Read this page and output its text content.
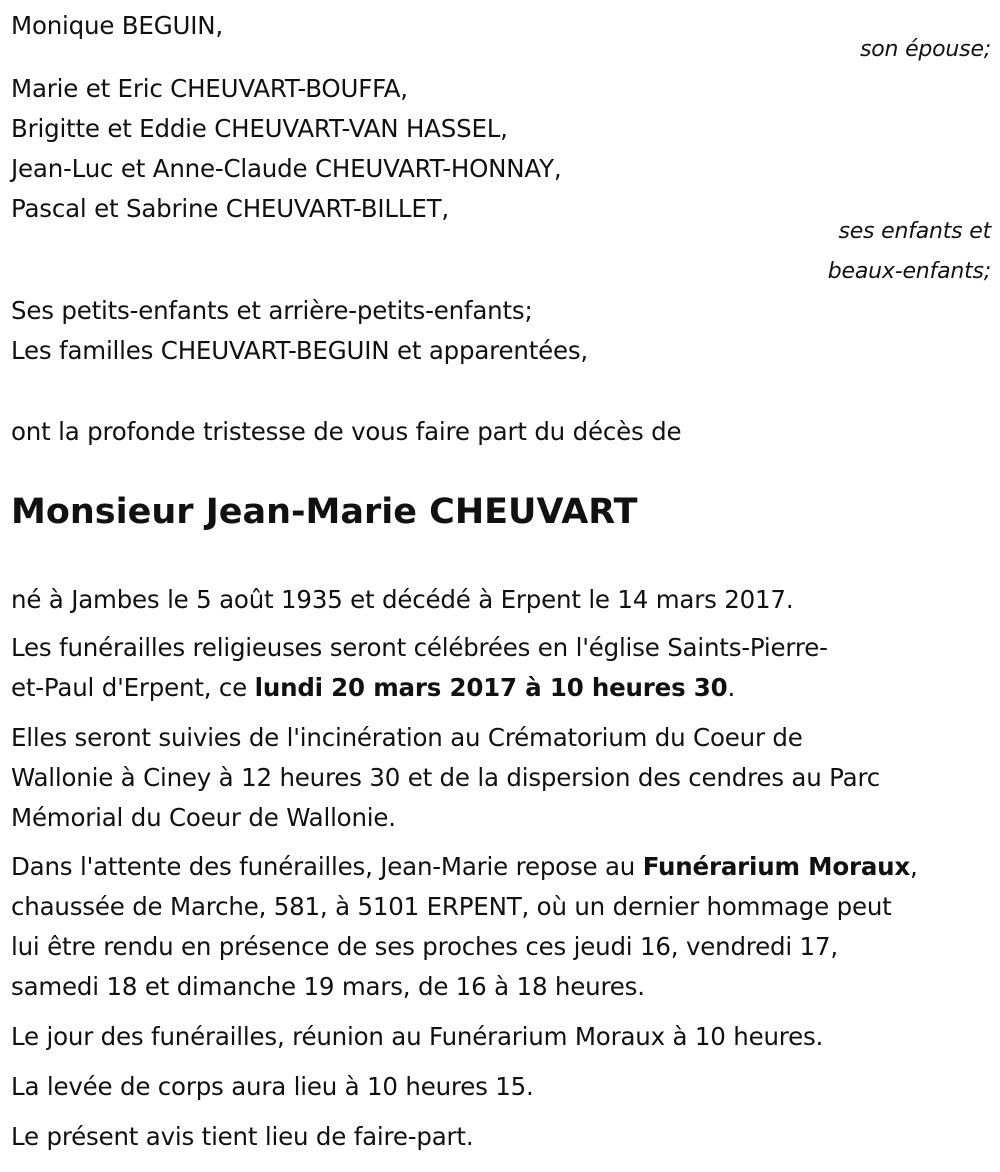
Monique BEGUIN,
son épouse;
Marie et Eric CHEUVART-BOUFFA,
Brigitte et Eddie CHEUVART-VAN HASSEL,
Jean-Luc et Anne-Claude CHEUVART-HONNAY,
Pascal et Sabrine CHEUVART-BILLET,
ses enfants et
beaux-enfants;
Ses petits-enfants et arrière-petits-enfants;
Les familles CHEUVART-BEGUIN et apparentées,
ont la profonde tristesse de vous faire part du décès de
Monsieur Jean-Marie CHEUVART
né à Jambes le 5 août 1935 et décédé à Erpent le 14 mars 2017.
Les funérailles religieuses seront célébrées en l'église Saints-Pierre-
et-Paul d'Erpent, ce lundi 20 mars 2017 à 10 heures 30.
Elles seront suivies de l'incinération au Crématorium du Coeur de
Wallonie à Ciney à 12 heures 30 et de la dispersion des cendres au Parc
Mémorial du Coeur de Wallonie.
Dans l'attente des funérailles, Jean-Marie repose au Funérarium Moraux,
chaussée de Marche, 581, à 5101 ERPENT, où un dernier hommage peut
lui être rendu en présence de ses proches ces jeudi 16, vendredi 17,
samedi 18 et dimanche 19 mars, de 16 à 18 heures.
Le jour des funérailles, réunion au Funérarium Moraux à 10 heures.
La levée de corps aura lieu à 10 heures 15.
Le présent avis tient lieu de faire-part.
